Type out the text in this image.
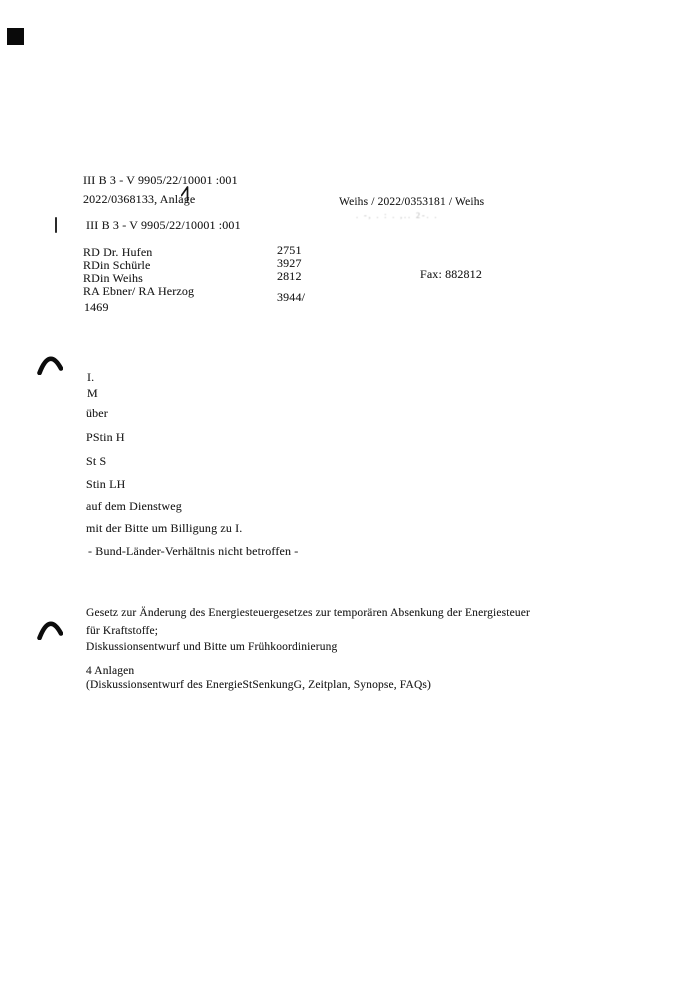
III B 3 - V 9905/22/10001 :001
2022/0368133, Anlage	Weihs / 2022/0353181 / Weihs
. -, . : . ,.. 2-. .
III B 3 - V 9905/22/10001 :001
RD Dr. Hufen
RDin Schürle
RDin Weihs
RA Ebner/ RA Herzog
2751
3927
2812
3944/
Fax: 882812
1469
I.
M
über
PStin H
St S
Stin LH
auf dem Dienstweg
mit der Bitte um Billigung zu I.
- Bund-Länder-Verhältnis nicht betroffen -
Gesetz zur Änderung des Energiesteuergesetzes zur temporären Absenkung der Energiesteuer
für Kraftstoffe;
Diskussionsentwurf und Bitte um Frühkoordinierung
4 Anlagen
(Diskussionsentwurf des EnergieStSenkungG, Zeitplan, Synopse, FAQs)
